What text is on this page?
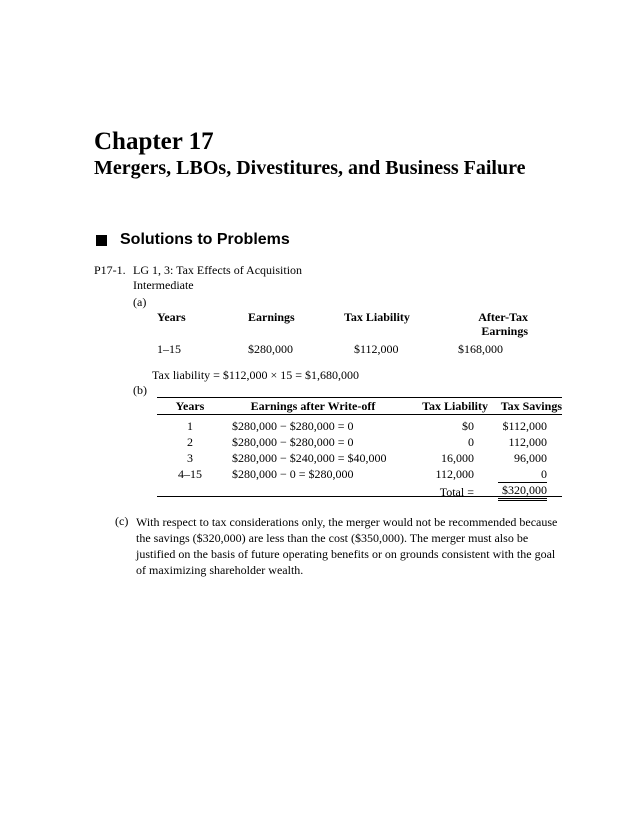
Chapter 17
Mergers, LBOs, Divestitures, and Business Failure
Solutions to Problems
P17-1. LG 1, 3: Tax Effects of Acquisition
Intermediate
(a)
Years	Earnings	Tax Liability	After-Tax
Earnings
1–15	$280,000	$112,000	$168,000
Tax liability = $112,000 × 15 = $1,680,000
(b)
Years	Earnings after Write-off	Tax Liability	Tax Savings

1	$280,000 − $280,000 = 0	$0	$112,000
2	$280,000 − $280,000 = 0	0	112,000
3	$280,000 − $240,000 = $40,000	16,000	96,000
4–15	$280,000 − 0 = $280,000	112,000	0
		Total =	$320,000
(c) With respect to tax considerations only, the merger would not be recommended because the savings ($320,000) are less than the cost ($350,000). The merger must also be justified on the basis of future operating benefits or on grounds consistent with the goal of maximizing shareholder wealth.
